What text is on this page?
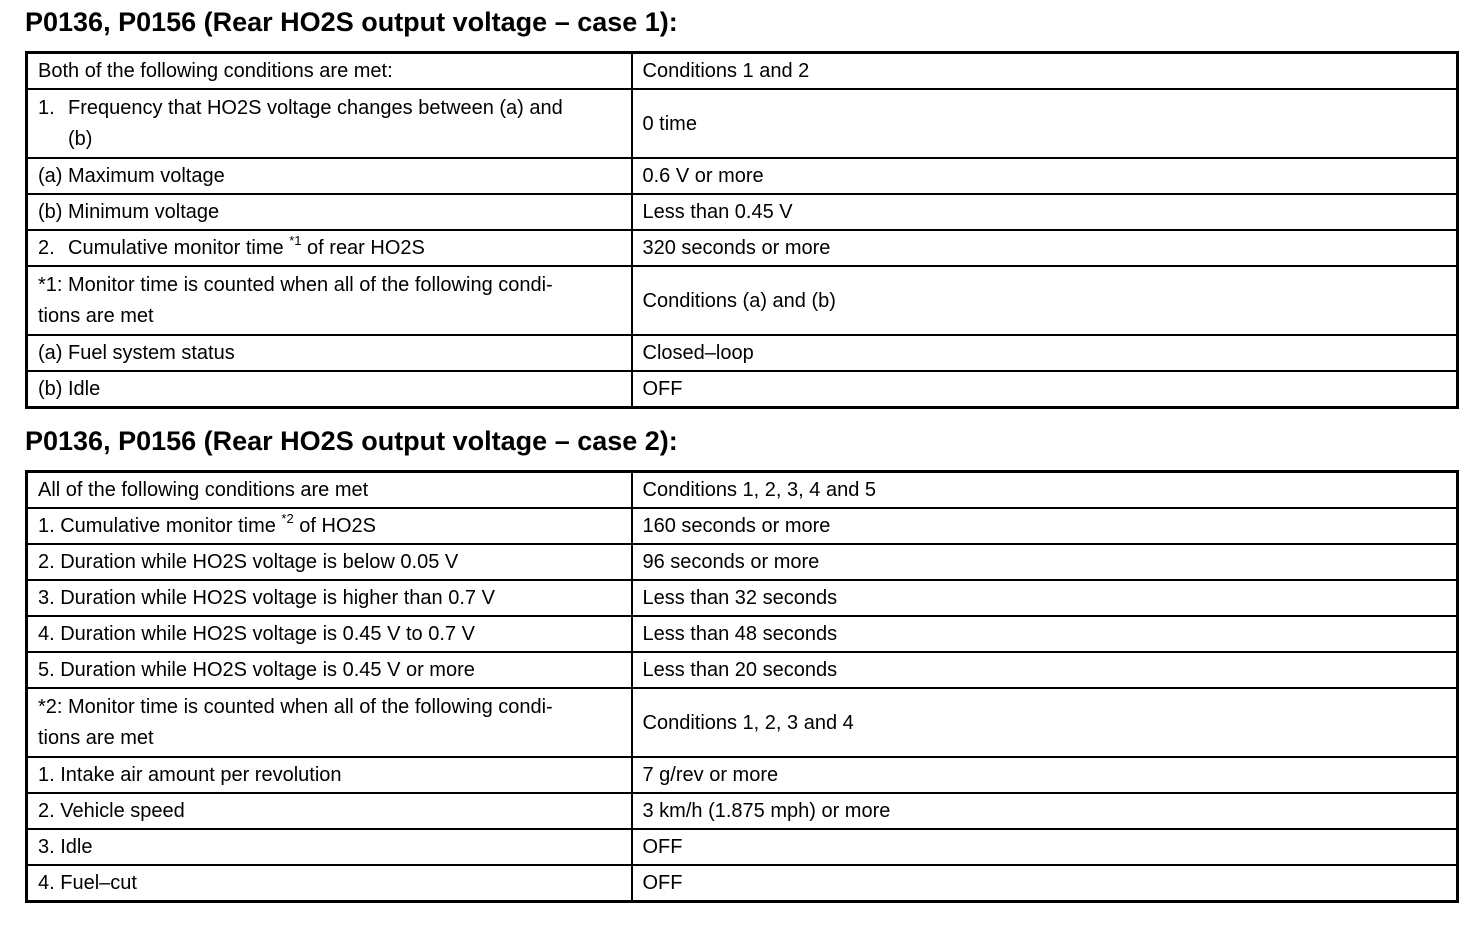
P0136, P0156 (Rear HO2S output voltage – case 1):
Both of the following conditions are met:	Conditions 1 and 2

1. Frequency that HO2S voltage changes between (a) and
(b)	0 time
(a) Maximum voltage	0.6 V or more
(b) Minimum voltage	Less than 0.45 V
2. Cumulative monitor time $^{*1}$ of rear HO2S	320 seconds or more

*1: Monitor time is counted when all of the following condi-
tions are met	Conditions (a) and (b)
(a) Fuel system status	Closed–loop
(b) Idle	OFF
P0136, P0156 (Rear HO2S output voltage – case 2):
All of the following conditions are met	Conditions 1, 2, 3, 4 and 5
1. Cumulative monitor time $^{*2}$ of HO2S	160 seconds or more
2. Duration while HO2S voltage is below 0.05 V	96 seconds or more
3. Duration while HO2S voltage is higher than 0.7 V	Less than 32 seconds
4. Duration while HO2S voltage is 0.45 V to 0.7 V	Less than 48 seconds
5. Duration while HO2S voltage is 0.45 V or more	Less than 20 seconds

*2: Monitor time is counted when all of the following condi-
tions are met	Conditions 1, 2, 3 and 4
1. Intake air amount per revolution	7 g/rev or more
2. Vehicle speed	3 km/h (1.875 mph) or more
3. Idle	OFF
4. Fuel–cut	OFF
